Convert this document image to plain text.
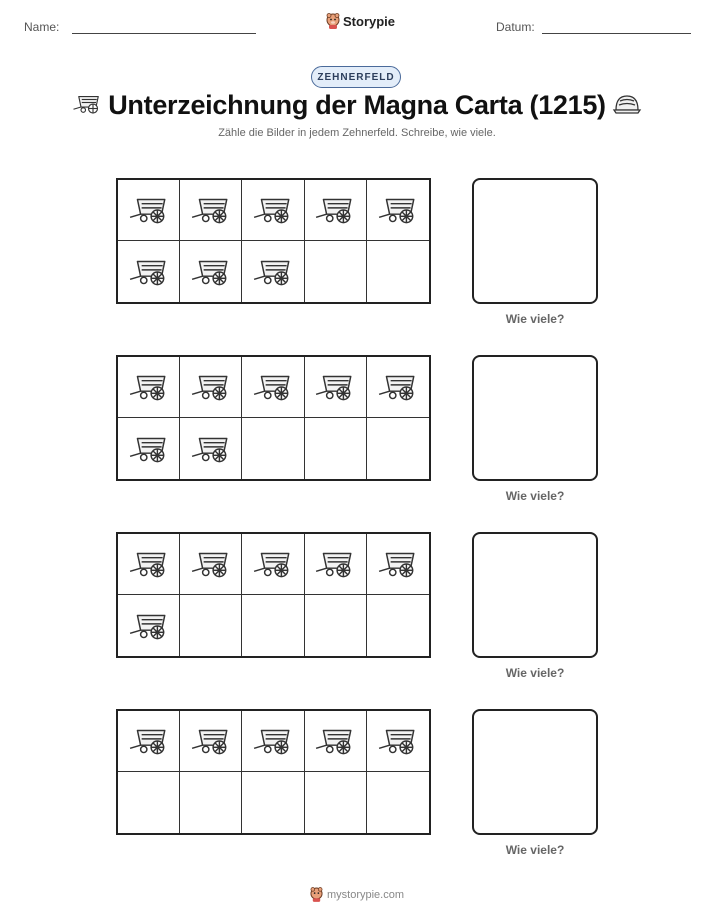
Name:	Storypie	Datum:
ZEHNERFELD
Unterzeichnung der Magna Carta (1215)
Zähle die Bilder in jedem Zehnerfeld. Schreibe, wie viele.
Wie viele?
Wie viele?
Wie viele?
Wie viele?
mystorypie.com
